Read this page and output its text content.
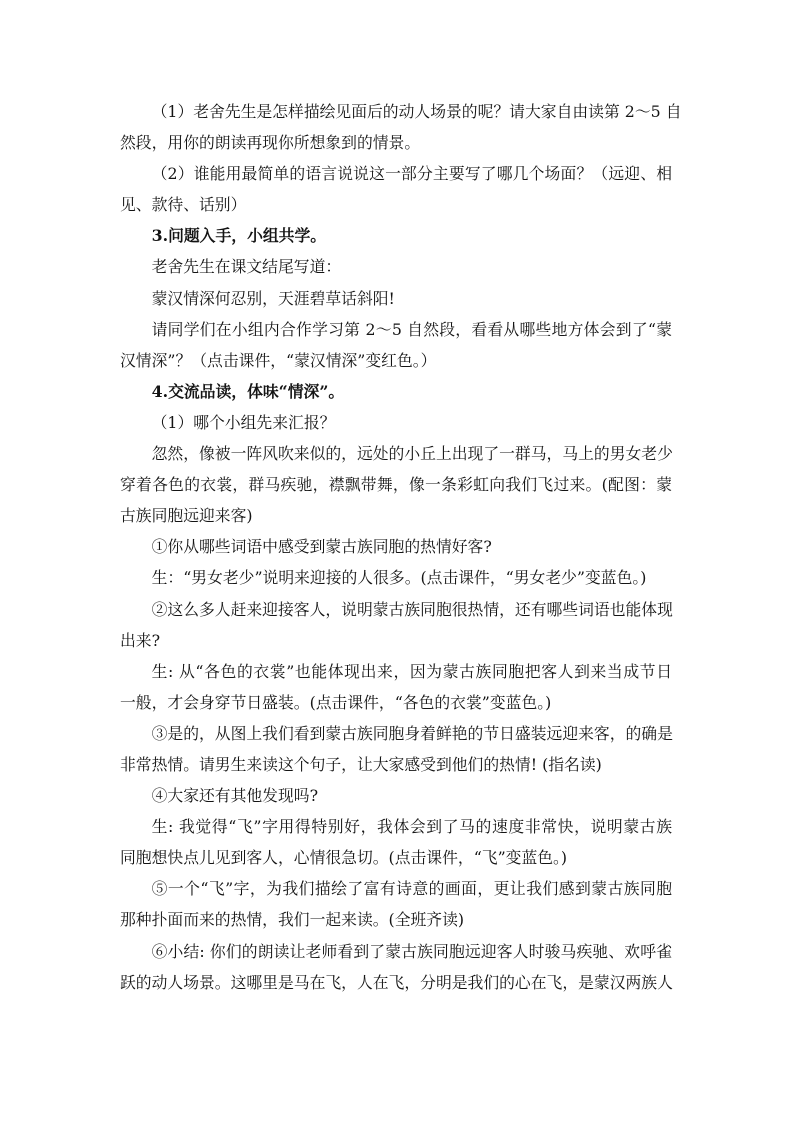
（1）老舍先生是怎样描绘见面后的动人场景的呢？请大家自由读第 2～5 自
然段，用你的朗读再现你所想象到的情景。
（2）谁能用最简单的语言说说这一部分主要写了哪几个场面？（远迎、相
见、款待、话别）
3.问题入手，小组共学。
老舍先生在课文结尾写道：
蒙汉情深何忍别，天涯碧草话斜阳!
请同学们在小组内合作学习第 2～5 自然段，看看从哪些地方体会到了“蒙
汉情深”？（点击课件，“蒙汉情深”变红色。）
4.交流品读，体味“情深”。
（1）哪个小组先来汇报？
忽然，像被一阵风吹来似的，远处的小丘上出现了一群马，马上的男女老少
穿着各色的衣裳，群马疾驰，襟飘带舞，像一条彩虹向我们飞过来。(配图：蒙
古族同胞远迎来客)
①你从哪些词语中感受到蒙古族同胞的热情好客?
生：“男女老少”说明来迎接的人很多。(点击课件，“男女老少”变蓝色。)
②这么多人赶来迎接客人，说明蒙古族同胞很热情，还有哪些词语也能体现
出来?
生: 从“各色的衣裳”也能体现出来，因为蒙古族同胞把客人到来当成节日
一般，才会身穿节日盛装。(点击课件，“各色的衣裳”变蓝色。)
③是的，从图上我们看到蒙古族同胞身着鲜艳的节日盛装远迎来客，的确是
非常热情。请男生来读这个句子，让大家感受到他们的热情! (指名读)
④大家还有其他发现吗?
生: 我觉得“飞”字用得特别好，我体会到了马的速度非常快，说明蒙古族
同胞想快点儿见到客人，心情很急切。(点击课件，“飞”变蓝色。)
⑤一个“飞”字，为我们描绘了富有诗意的画面，更让我们感到蒙古族同胞
那种扑面而来的热情，我们一起来读。(全班齐读)
⑥小结: 你们的朗读让老师看到了蒙古族同胞远迎客人时骏马疾驰、欢呼雀
跃的动人场景。这哪里是马在飞，人在飞，分明是我们的心在飞，是蒙汉两族人
